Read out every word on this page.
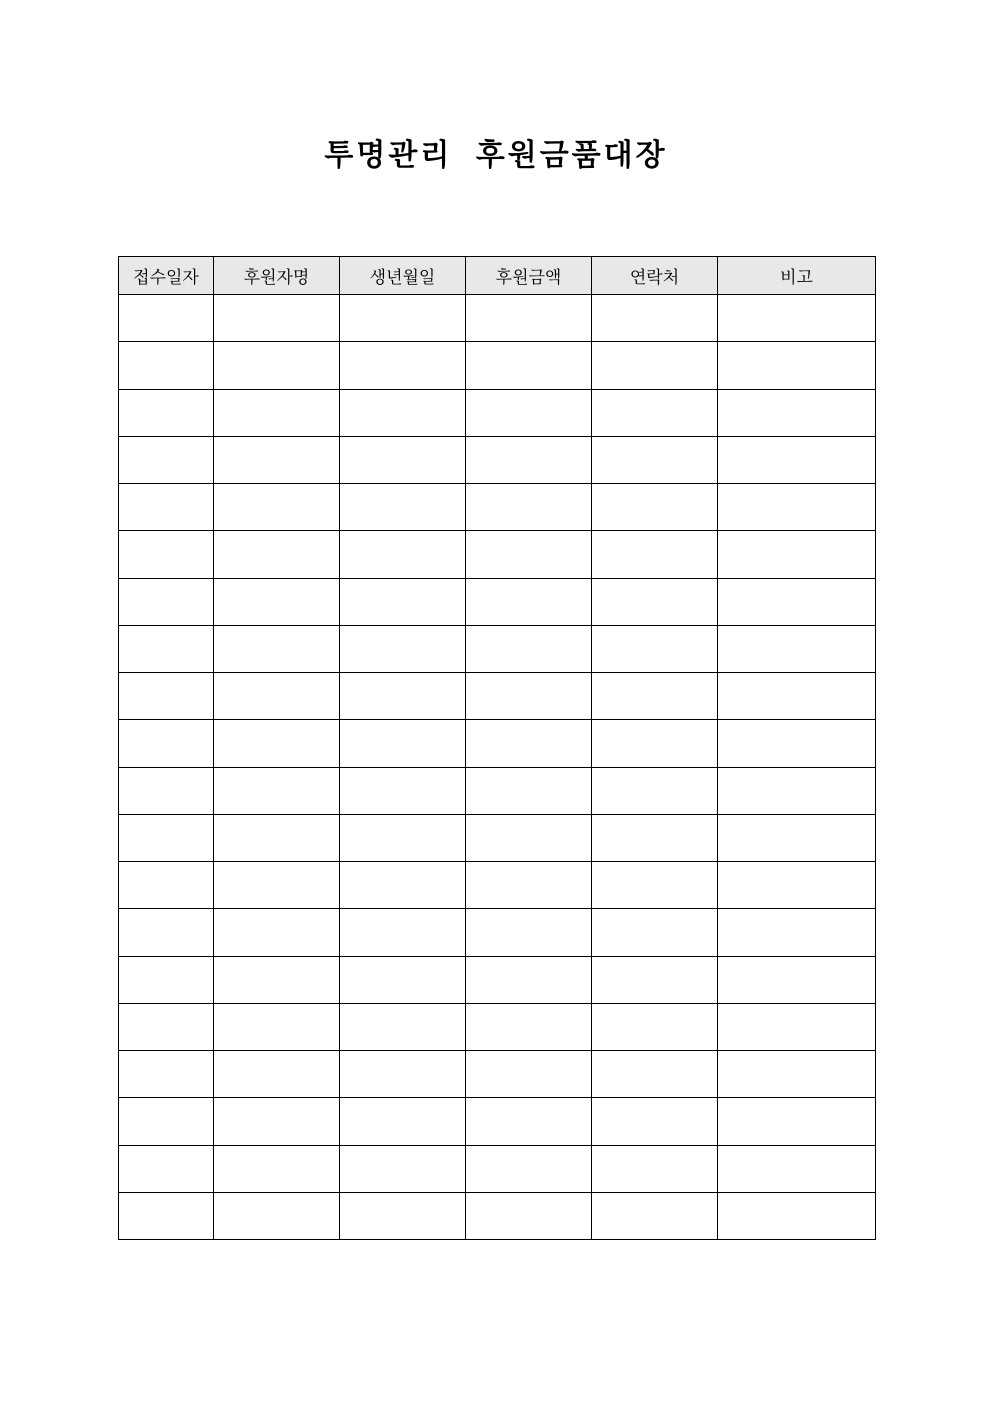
투명관리 후원금품대장
접수일자	후원자명	생년월일	후원금액	연락처	비고
